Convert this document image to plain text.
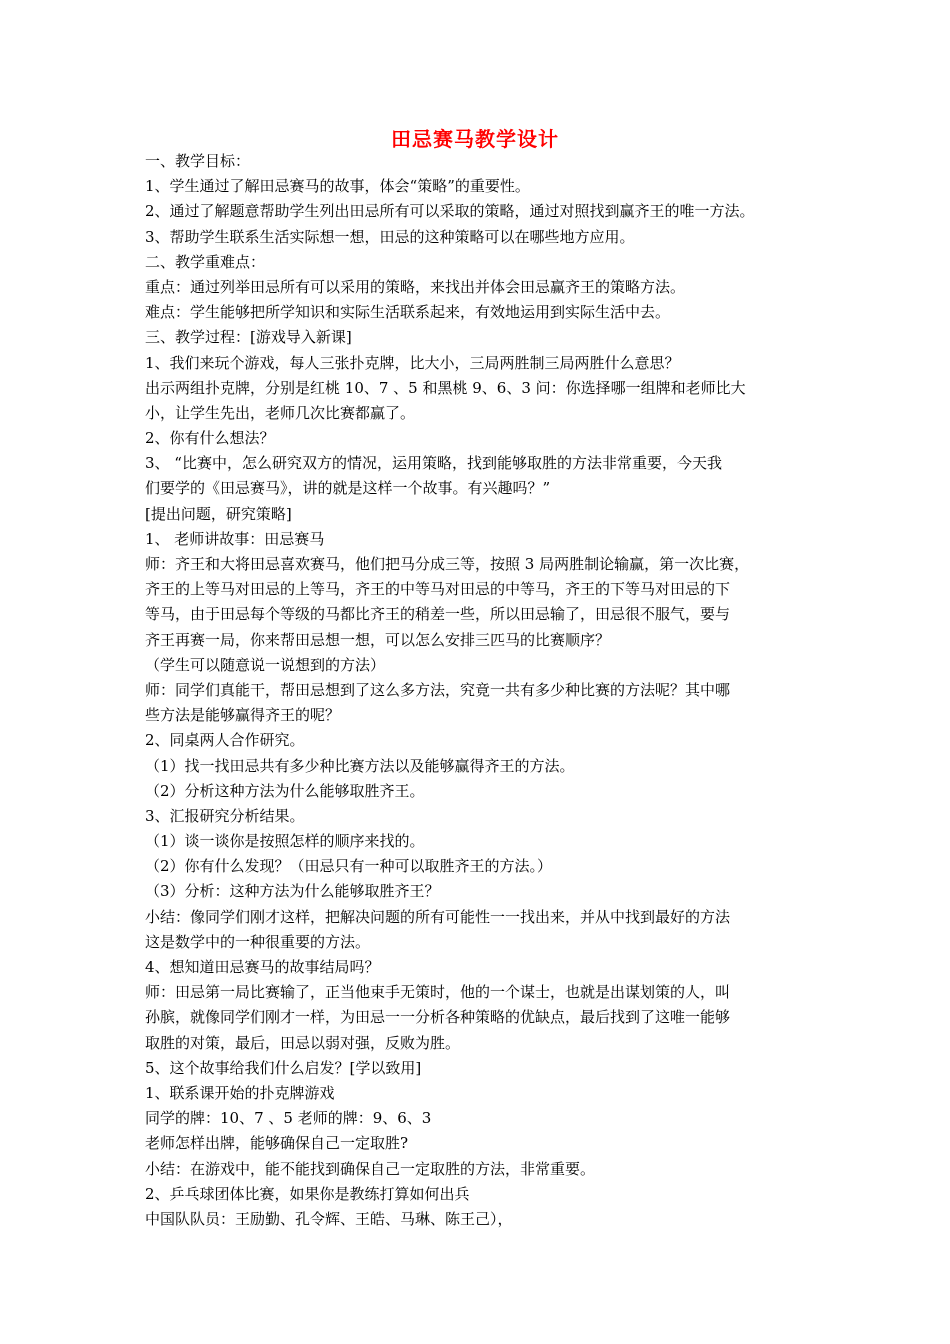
田忌赛马教学设计
一、教学目标：
1、学生通过了解田忌赛马的故事，体会“策略”的重要性。
2、通过了解题意帮助学生列出田忌所有可以采取的策略，通过对照找到赢齐王的唯一方法。
3、帮助学生联系生活实际想一想，田忌的这种策略可以在哪些地方应用。
二、教学重难点：
重点：通过列举田忌所有可以采用的策略，来找出并体会田忌赢齐王的策略方法。
难点：学生能够把所学知识和实际生活联系起来，有效地运用到实际生活中去。
三、教学过程：[游戏导入新课]
1、我们来玩个游戏，每人三张扑克牌，比大小，三局两胜制三局两胜什么意思？
出示两组扑克牌，分别是红桃 10、7 、5 和黑桃 9、6、3 问：你选择哪一组牌和老师比大
小，让学生先出，老师几次比赛都赢了。
2、你有什么想法？
3、 “比赛中，怎么研究双方的情况，运用策略，找到能够取胜的方法非常重要，今天我
们要学的《田忌赛马》，讲的就是这样一个故事。有兴趣吗？”
[提出问题，研究策略]
1、 老师讲故事：田忌赛马
师：齐王和大将田忌喜欢赛马，他们把马分成三等，按照 3 局两胜制论输赢，第一次比赛，
齐王的上等马对田忌的上等马，齐王的中等马对田忌的中等马，齐王的下等马对田忌的下
等马，由于田忌每个等级的马都比齐王的稍差一些，所以田忌输了，田忌很不服气，要与
齐王再赛一局，你来帮田忌想一想，可以怎么安排三匹马的比赛顺序？
（学生可以随意说一说想到的方法）
师：同学们真能干，帮田忌想到了这么多方法，究竟一共有多少种比赛的方法呢？其中哪
些方法是能够赢得齐王的呢？
2、同桌两人合作研究。
（1）找一找田忌共有多少种比赛方法以及能够赢得齐王的方法。
（2）分析这种方法为什么能够取胜齐王。
3、汇报研究分析结果。
（1）谈一谈你是按照怎样的顺序来找的。
（2）你有什么发现？（田忌只有一种可以取胜齐王的方法。）
（3）分析：这种方法为什么能够取胜齐王？
小结：像同学们刚才这样，把解决问题的所有可能性一一找出来，并从中找到最好的方法
这是数学中的一种很重要的方法。
4、想知道田忌赛马的故事结局吗？
师：田忌第一局比赛输了，正当他束手无策时，他的一个谋士，也就是出谋划策的人，叫
孙膑，就像同学们刚才一样，为田忌一一分析各种策略的优缺点，最后找到了这唯一能够
取胜的对策，最后，田忌以弱对强，反败为胜。
5、这个故事给我们什么启发？[学以致用]
1、联系课开始的扑克牌游戏
同学的牌：10、7 、5 老师的牌：9、6、3
老师怎样出牌，能够确保自己一定取胜?
小结：在游戏中，能不能找到确保自己一定取胜的方法，非常重要。
2、乒乓球团体比赛，如果你是教练打算如何出兵
中国队队员：王励勤、孔令辉、王皓、马琳、陈王己），
